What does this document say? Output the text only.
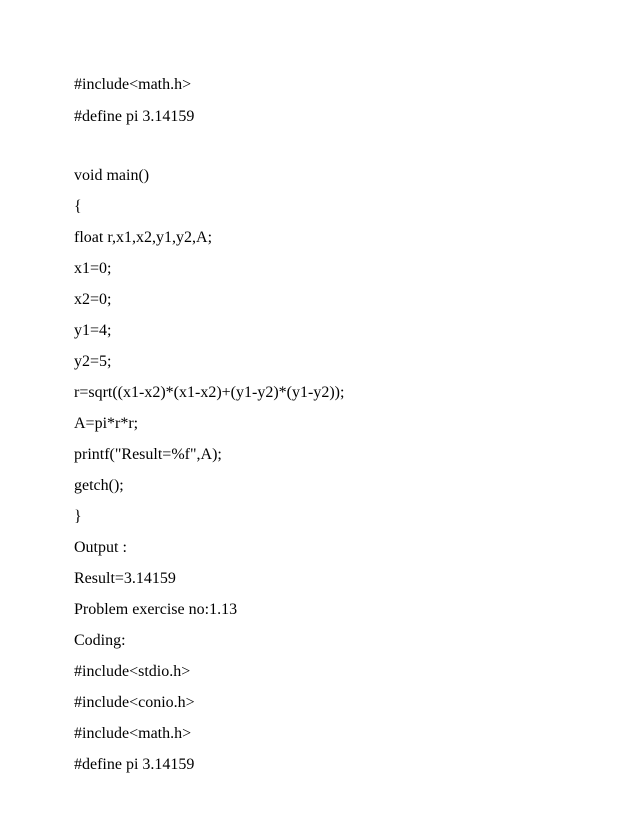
#include<math.h>
#define pi 3.14159
void main()
{
float r,x1,x2,y1,y2,A;
x1=0;
x2=0;
y1=4;
y2=5;
r=sqrt((x1-x2)*(x1-x2)+(y1-y2)*(y1-y2));
A=pi*r*r;
printf("Result=%f",A);
getch();
}
Output :
Result=3.14159
Problem exercise no:1.13
Coding:
#include<stdio.h>
#include<conio.h>
#include<math.h>
#define pi 3.14159
